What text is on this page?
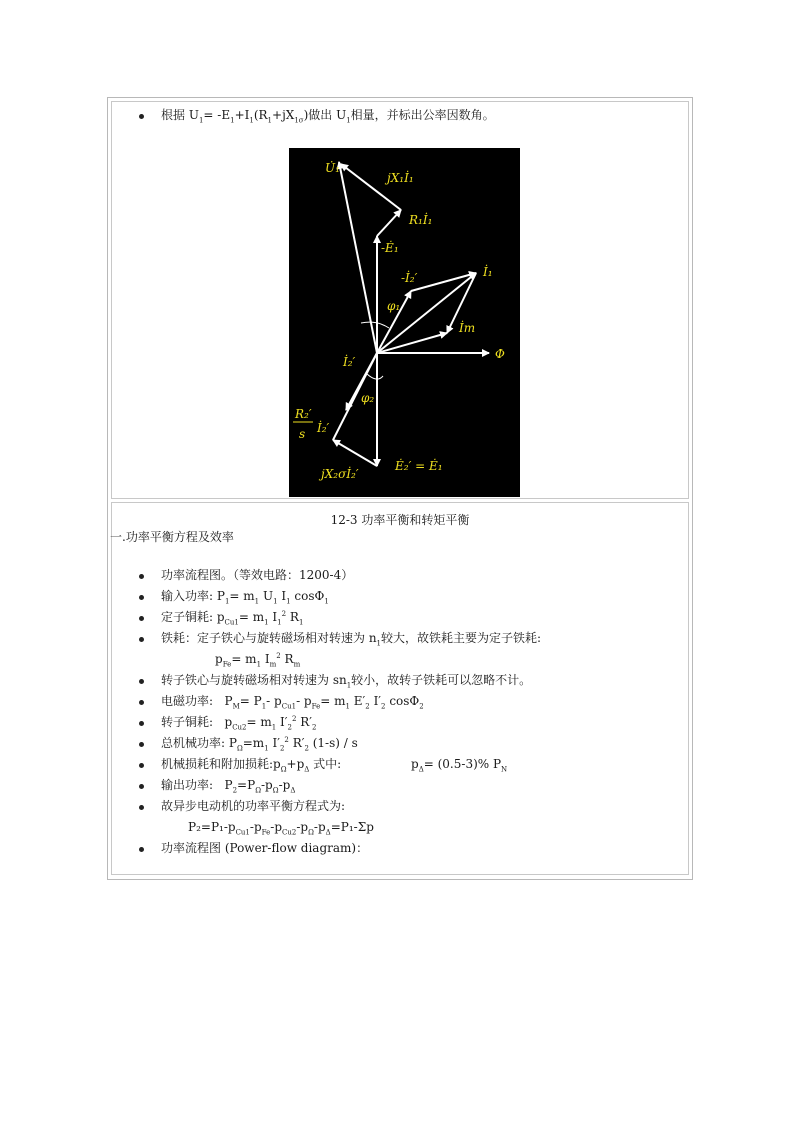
根据 $U_1= -E_1+I_1(R_1+jX_{1\sigma})$做出 $U_1$相量，并标出公率因数角。
U̇₁
jX₁İ₁
R₁İ₁
-Ė₁
-İ₂′	İ₁
φ₁
İm
Φ
İ₂′
φ₂
R₂′
s İ₂′
jX₂σİ₂′
Ė₂′ = Ė₁
12-3 功率平衡和转矩平衡
一.功率平衡方程及效率
功率流程图。（等效电路：1200-4）
输入功率: $P_1= m_1$ $U_1$ $I_1$ cosΦ$_1$
定子铜耗: $p_{Cu1}= m_1$ $I_1^2$ $R_1$
铁耗：定子铁心与旋转磁场相对转速为 $n_1$较大，故铁耗主要为定子铁耗:
$p_{Fe}= m_1$ $I_m^2$ $R_m$
转子铁心与旋转磁场相对转速为 $sn_1$较小，故转子铁耗可以忽略不计。
电磁功率: $P_M= P_1-$ $p_{Cu1}-$ $p_{Fe}= m_1$ $E'_2$ $I'_2$ cosΦ$_2$
转子铜耗: $p_{Cu2}= m_1$ $I'_2^2$ $R'_2$
总机械功率: $P_\Omega=m_1$ $I'_2^2$ $R'_2$ (1-s) / s
机械损耗和附加损耗$:p_\Omega+p_\Delta$ 式中:	$p_\Delta= (0.5-3)\%$ $P_N$
输出功率: $P_2=P_\Omega-p_\Omega-p_\Delta$
故异步电动机的功率平衡方程式为:
$P_2=P_1-p_{Cu1}-p_{Fe}-p_{Cu2}-p_\Omega-p_\Delta=P_1-\Sigma p$
功率流程图 (Power-flow diagram)：
